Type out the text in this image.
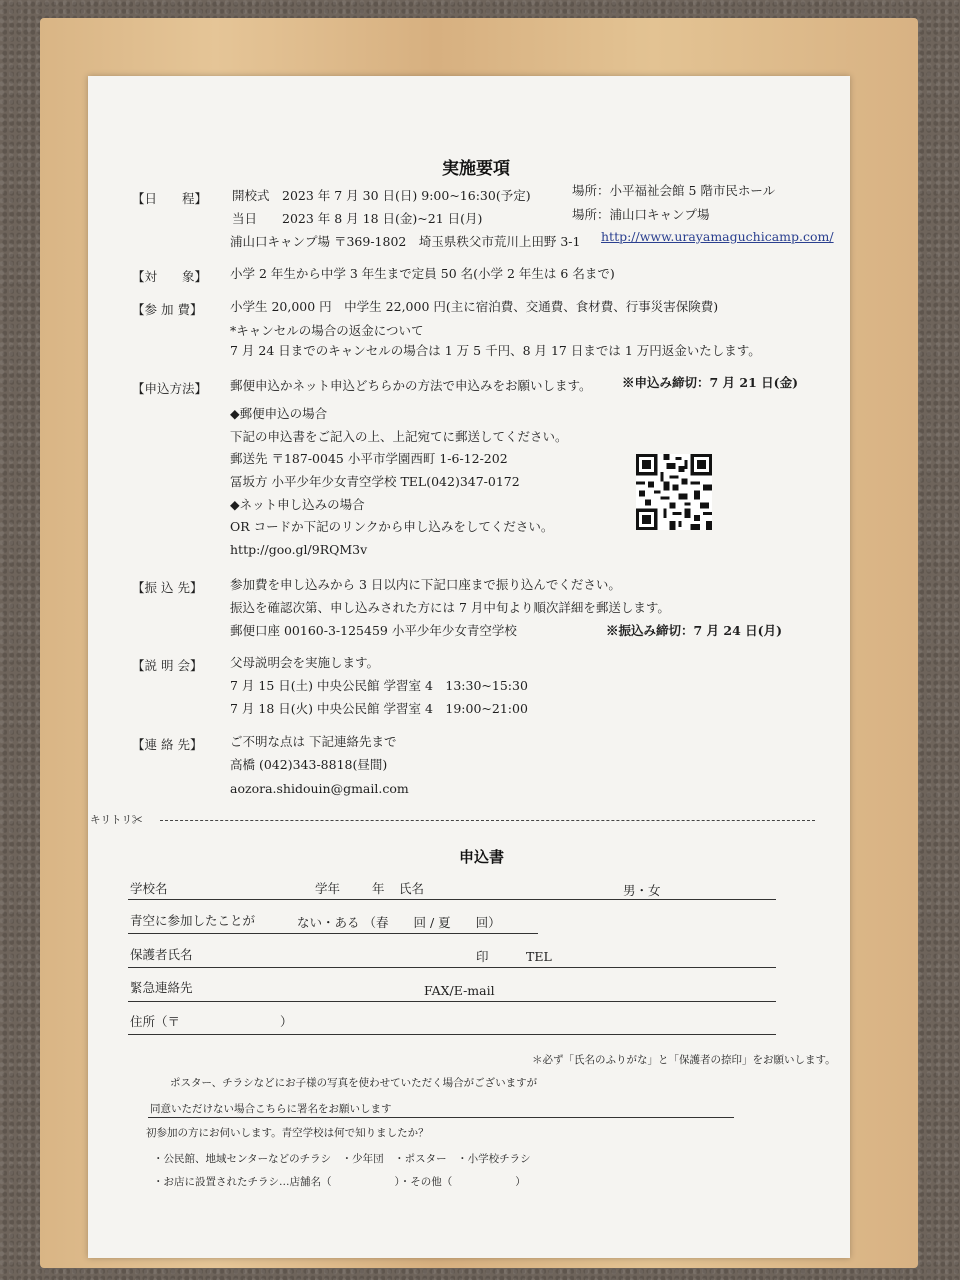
実施要項
【日　　程】 開校式　2023 年 7 月 30 日(日) 9:00~16:30(予定)	場所：小平福祉会館 5 階市民ホール
当日　　2023 年 8 月 18 日(金)~21 日(月)	場所：浦山口キャンプ場
浦山口キャンプ場 〒369-1802　埼玉県秩父市荒川上田野 3-1 http://www.urayamaguchicamp.com/
【対　　象】 小学 2 年生から中学 3 年生まで定員 50 名(小学 2 年生は 6 名まで)
【参 加 費】 小学生 20,000 円　中学生 22,000 円(主に宿泊費、交通費、食材費、行事災害保険費)
*キャンセルの場合の返金について
7 月 24 日までのキャンセルの場合は 1 万 5 千円、8 月 17 日までは 1 万円返金いたします。
【申込方法】 郵便申込かネット申込どちらかの方法で申込みをお願いします。 ※申込み締切：7 月 21 日(金)
◆郵便申込の場合
下記の申込書をご記入の上、上記宛てに郵送してください。
郵送先 〒187-0045 小平市学園西町 1-6-12-202
冨坂方 小平少年少女青空学校 TEL(042)347-0172
◆ネット申し込みの場合
OR コードか下記のリンクから申し込みをしてください。
http://goo.gl/9RQM3v
【振 込 先】 参加費を申し込みから 3 日以内に下記口座まで振り込んでください。
振込を確認次第、申し込みされた方には 7 月中旬より順次詳細を郵送します。
郵便口座 00160-3-125459 小平少年少女青空学校	※振込み締切：7 月 24 日(月)
【説 明 会】 父母説明会を実施します。
7 月 15 日(土) 中央公民館 学習室 4　13:30~15:30
7 月 18 日(火) 中央公民館 学習室 4　19:00~21:00
【連 絡 先】 ご不明な点は 下記連絡先まで
高橋 (042)343-8818(昼間)
aozora.shidouin@gmail.com
キリトリ✂
申込書
学校名	学年	年 氏名	男・女
青空に参加したことが	ない・ある （春　　回 / 夏　　回）
保護者氏名	印	TEL
緊急連絡先	FAX/E-mail
住所（〒　　　　　　　　）
＊必ず「氏名のふりがな」と「保護者の捺印」をお願いします。
ポスター、チラシなどにお子様の写真を使わせていただく場合がございますが
同意いただけない場合こちらに署名をお願いします
初参加の方にお伺いします。青空学校は何で知りましたか？
・公民館、地域センターなどのチラシ　・少年団　・ポスター　・小学校チラシ
・お店に設置されたチラシ…店舗名（　　　　　　）・その他（　　　　　　）
